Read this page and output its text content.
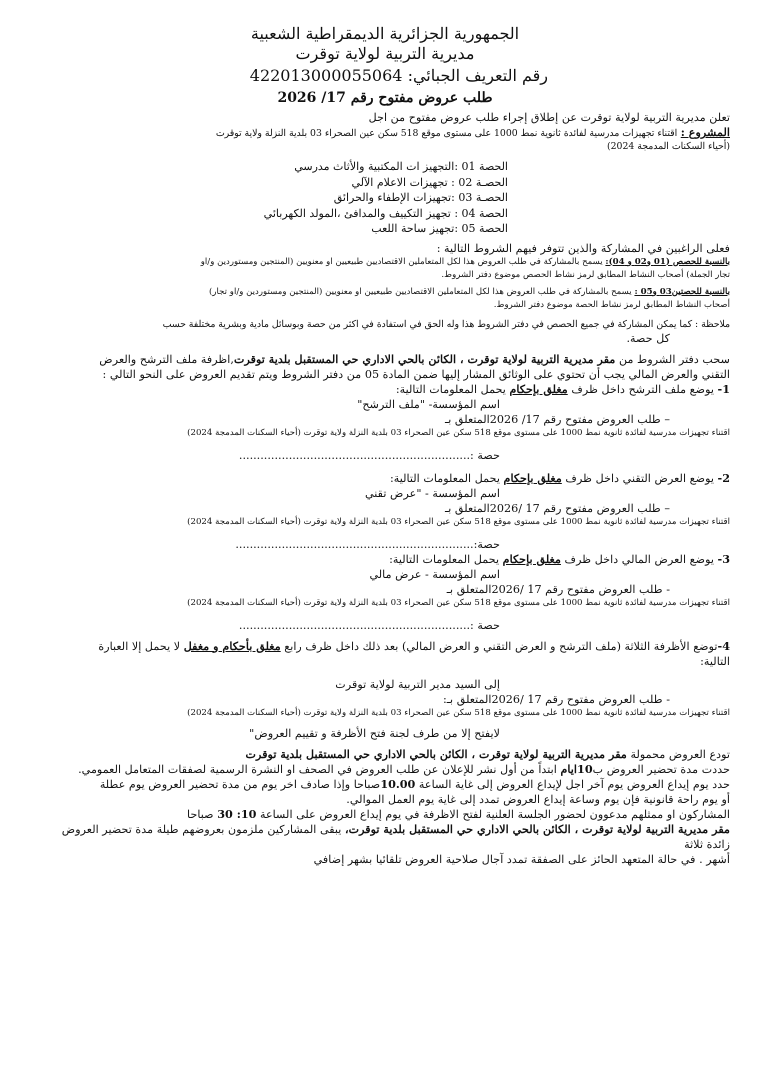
الجمهورية الجزائرية الديمقراطية الشعبية
مديرية التربية لولاية توقرت
رقم التعريف الجبائي: 422013000055064
طلب عروض مفتوح رقم 17/ 2026

تعلن مديرية التربية لولاية توقرت عن إطلاق إجراء طلب عروض مفتوح من اجل

المشروع : اقتناء تجهيزات مدرسية لفائدة ثانوية نمط 1000 على مستوى موقع 518 سكن عين الصحراء 03 بلدية النزلة ولاية توقرت

(أحياء السكنات المدمجة 2024)

الحصة 01 :التجهيز ات المكتبية والأثاث مدرسي
الحصـة 02 : تجهيزات الاعلام الآلي
الحصـة 03 :تجهيزات الإطفاء والحرائق
الحصة 04 : تجهيز التكييف والمدافئ ،المولد الكهربائي
الحصة 05 :تجهيز ساحة اللعب

فعلى الراغبين في المشاركة والذين تتوفر فيهم الشروط التالية :

بالنسبة للحصص (01 و02 و 04): يسمح بالمشاركة في طلب العروض هذا لكل المتعاملين الاقتصاديين طبيعيين او معنويين (المنتجين ومستوردين و/او

تجار الجملة) أصحاب النشاط المطابق لرمز نشاط الحصص موضوع دفتر الشروط.

بالنسبة للحصتين03 و05 : يسمح بالمشاركة في طلب العروض هذا لكل المتعاملين الاقتصاديين طبيعيين او معنويين (المنتجين ومستوردين و/او تجار)

أصحاب النشاط المطابق لرمز نشاط الحصة موضوع دفتر الشروط.

ملاحظة : كما يمكن المشاركة في جميع الحصص في دفتر الشروط هذا وله الحق في استفادة في اكثر من حصة وبوسائل مادية وبشرية مختلفة حسب

كل حصة.

سحب دفتر الشروط من مقر مديرية التربية لولاية توقرت ، الكائن بالحي الاداري حي المستقبل بلدية توقرت,اظرفة ملف الترشح والعرض

التقني والعرض المالي يجب أن تحتوي على الوثائق المشار إليها ضمن المادة 05 من دفتر الشروط ويتم تقديم العروض على النحو التالي :

1- يوضع ملف الترشح داخل ظرف مغلق بإحكام يحمل المعلومات التالية:

اسم المؤسسة- "ملف الترشح"

– طلب العروض مفتوح رقم 17/ 2026المتعلق بـ

اقتناء تجهيزات مدرسية لفائدة ثانوية نمط 1000 على مستوى موقع 518 سكن عين الصحراء 03 بلدية النزلة ولاية توقرت (أحياء السكنات المدمجة 2024)

حصة :.................................................................

2- يوضع العرض التقني داخل ظرف مغلق بإحكام يحمل المعلومات التالية:

اسم المؤسسة - "عرض تقني

– طلب العروض مفتوح رقم 17 /2026المتعلق بـ

اقتناء تجهيزات مدرسية لفائدة ثانوية نمط 1000 على مستوى موقع 518 سكن عين الصحراء 03 بلدية النزلة ولاية توقرت (أحياء السكنات المدمجة 2024)

حصة:...................................................................

3- يوضع العرض المالي داخل ظرف مغلق بإحكام يحمل المعلومات التالية:

اسم المؤسسة - عرض مالي

- طلب العروض مفتوح رقم 17 /2026المتعلق بـ

اقتناء تجهيزات مدرسية لفائدة ثانوية نمط 1000 على مستوى موقع 518 سكن عين الصحراء 03 بلدية النزلة ولاية توقرت (أحياء السكنات المدمجة 2024)

حصة :.................................................................

4-توضع الأظرفة الثلاثة (ملف الترشح و العرض التقني و العرض المالي) بعد ذلك داخل ظرف رابع مغلق بأحكام و مغفل لا يحمل إلا العبارة

التالية:

إلى السيد مدير التربية لولاية توقرت

- طلب العروض مفتوح رقم 17 /2026المتعلق بـ:

اقتناء تجهيزات مدرسية لفائدة ثانوية نمط 1000 على مستوى موقع 518 سكن عين الصحراء 03 بلدية النزلة ولاية توقرت (أحياء السكنات المدمجة 2024)

لايفتح إلا من طرف لجنة فتح الأظرفة و تقييم العروض"

تودع العروض محمولة مقر مديرية التربية لولاية توقرت ، الكائن بالحي الاداري حي المستقبل بلدية توقرت

حددت مدة تحضير العروض ب10ايام ابتداً من أول نشر للإعلان عن طلب العروض في الصحف او النشرة الرسمية لصفقات المتعامل العمومي.

حدد يوم إيداع العروض يوم آخر اجل لإيداع العروض إلى غاية الساعة 10.00صباحا وإذا صادف اخر يوم من مدة تحضير العروض يوم عطلة

أو يوم راحة قانونية فإن يوم وساعة إيداع العروض تمدد إلى غاية يوم العمل الموالي.

المشاركون او ممثلهم مدعوون لحضور الجلسة العلنية لفتح الاظرفة في يوم إيداع العروض على الساعة 10: 30 صباحا

مقر مديرية التربية لولاية توقرت ، الكائن بالحي الاداري حي المستقبل بلدية توقرت، يبقى المشاركين ملزمون بعروضهم طيلة مدة تحضير العروض زائدة ثلاثة

أشهر . في حالة المتعهد الحائز على الصفقة تمدد آجال صلاحية العروض تلقائيا بشهر إضافي
